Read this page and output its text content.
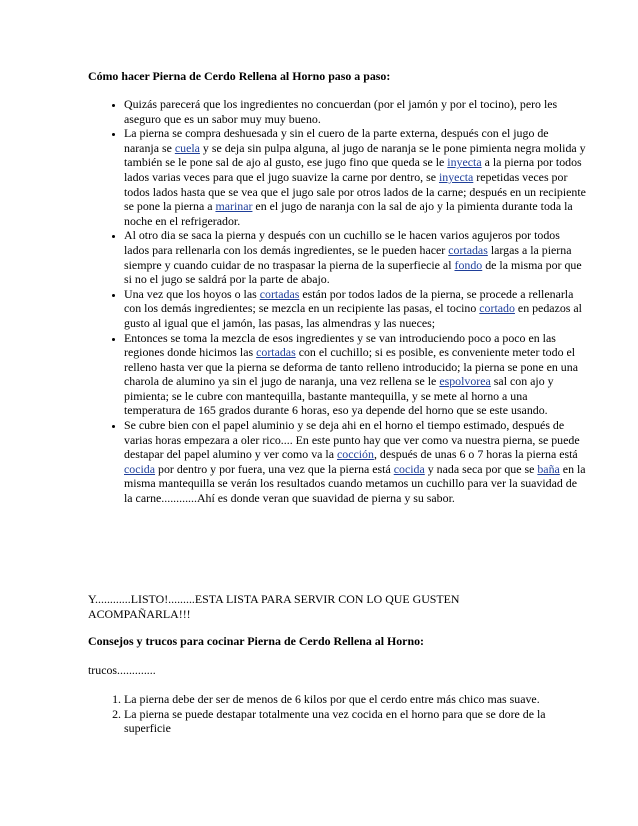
Cómo hacer Pierna de Cerdo Rellena al Horno paso a paso:
• Quizás parecerá que los ingredientes no concuerdan (por el jamón y por el tocino), pero les aseguro que es un sabor muy muy bueno.
• La pierna se compra deshuesada y sin el cuero de la parte externa, después con el jugo de naranja se cuela y se deja sin pulpa alguna, al jugo de naranja se le pone pimienta negra molida y también se le pone sal de ajo al gusto, ese jugo fino que queda se le inyecta a la pierna por todos lados varias veces para que el jugo suavize la carne por dentro, se inyecta repetidas veces por todos lados hasta que se vea que el jugo sale por otros lados de la carne; después en un recipiente se pone la pierna a marinar en el jugo de naranja con la sal de ajo y la pimienta durante toda la noche en el refrigerador.
• Al otro dia se saca la pierna y después con un cuchillo se le hacen varios agujeros por todos lados para rellenarla con los demás ingredientes, se le pueden hacer cortadas largas a la pierna siempre y cuando cuidar de no traspasar la pierna de la superfiecie al fondo de la misma por que si no el jugo se saldrá por la parte de abajo.
• Una vez que los hoyos o las cortadas están por todos lados de la pierna, se procede a rellenarla con los demás ingredientes; se mezcla en un recipiente las pasas, el tocino cortado en pedazos al gusto al igual que el jamón, las pasas, las almendras y las nueces;
• Entonces se toma la mezcla de esos ingredientes y se van introduciendo poco a poco en las regiones donde hicimos las cortadas con el cuchillo; si es posible, es conveniente meter todo el relleno hasta ver que la pierna se deforma de tanto relleno introducido; la pierna se pone en una charola de alumino ya sin el jugo de naranja, una vez rellena se le espolvorea sal con ajo y pimienta; se le cubre con mantequilla, bastante mantequilla, y se mete al horno a una temperatura de 165 grados durante 6 horas, eso ya depende del horno que se este usando.
• Se cubre bien con el papel aluminio y se deja ahi en el horno el tiempo estimado, después de varias horas empezara a oler rico.... En este punto hay que ver como va nuestra pierna, se puede destapar del papel alumino y ver como va la cocción, después de unas 6 o 7 horas la pierna está cocida por dentro y por fuera, una vez que la pierna está cocida y nada seca por que se baña en la misma mantequilla se verán los resultados cuando metamos un cuchillo para ver la suavidad de la carne............Ahí es donde veran que suavidad de pierna y su sabor.
Y............LISTO!.........ESTA LISTA PARA SERVIR CON LO QUE GUSTEN ACOMPAÑARLA!!!
Consejos y trucos para cocinar Pierna de Cerdo Rellena al Horno:
trucos.............
1. La pierna debe der ser de menos de 6 kilos por que el cerdo entre más chico mas suave.
2. La pierna se puede destapar totalmente una vez cocida en el horno para que se dore de la superficie
